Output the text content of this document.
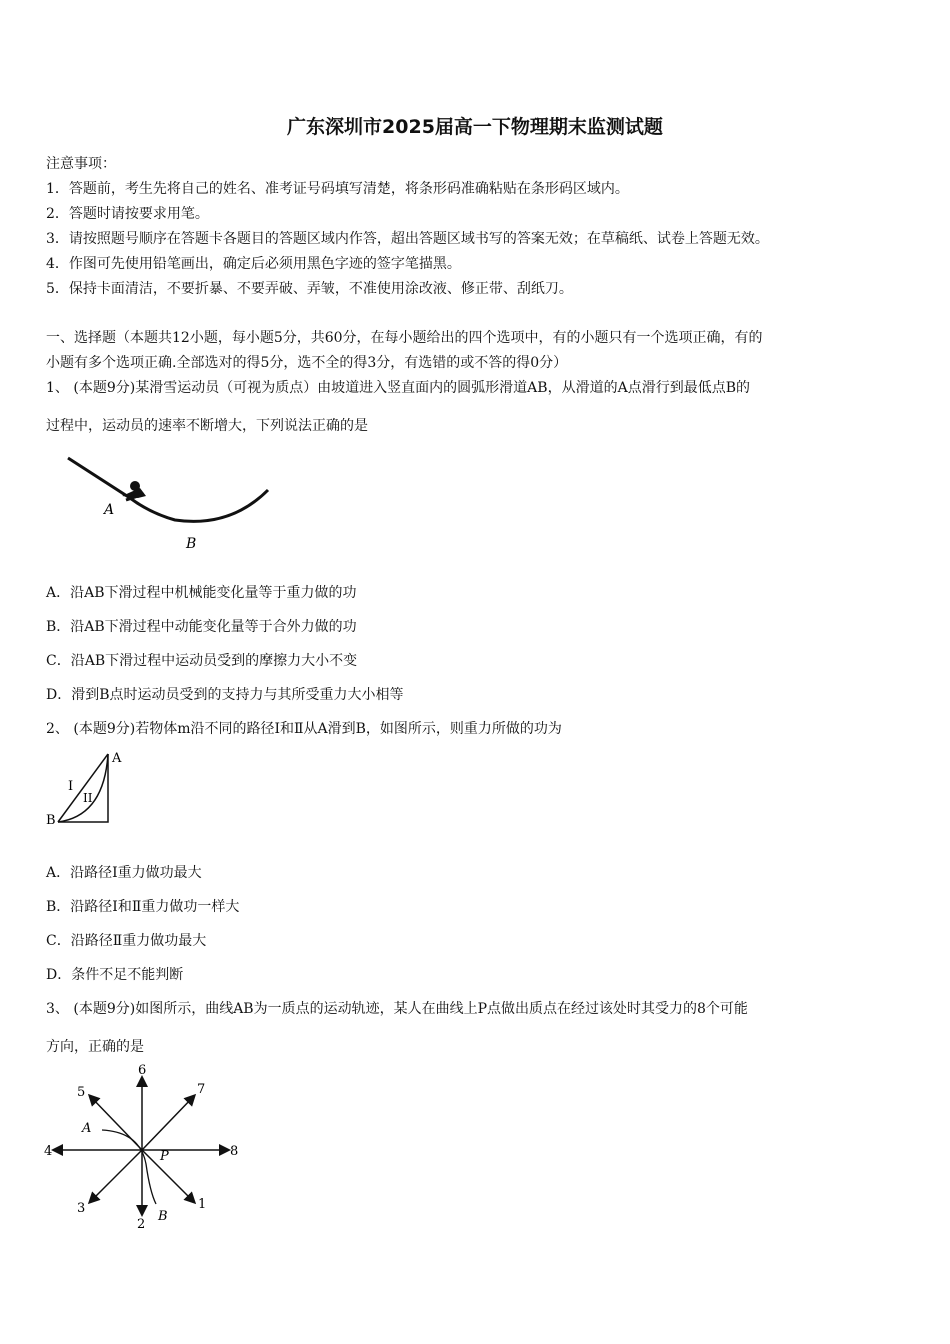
广东深圳市2025届高一下物理期末监测试题
注意事项：
1．答题前，考生先将自己的姓名、准考证号码填写清楚，将条形码准确粘贴在条形码区域内。
2．答题时请按要求用笔。
3．请按照题号顺序在答题卡各题目的答题区域内作答，超出答题区域书写的答案无效；在草稿纸、试卷上答题无效。
4．作图可先使用铅笔画出，确定后必须用黑色字迹的签字笔描黑。
5．保持卡面清洁，不要折暴、不要弄破、弄皱，不准使用涂改液、修正带、刮纸刀。
一、选择题（本题共12小题，每小题5分，共60分，在每小题给出的四个选项中，有的小题只有一个选项正确，有的
小题有多个选项正确.全部选对的得5分，选不全的得3分，有选错的或不答的得0分）
1、 (本题9分)某滑雪运动员（可视为质点）由坡道进入竖直面内的圆弧形滑道AB，从滑道的A点滑行到最低点B的
过程中，运动员的速率不断增大，下列说法正确的是
A
B
A．沿AB下滑过程中机械能变化量等于重力做的功
B．沿AB下滑过程中动能变化量等于合外力做的功
C．沿AB下滑过程中运动员受到的摩擦力大小不变
D．滑到B点时运动员受到的支持力与其所受重力大小相等
2、 (本题9分)若物体m沿不同的路径Ⅰ和Ⅱ从A滑到B，如图所示，则重力所做的功为
A
B
I
II
A．沿路径Ⅰ重力做功最大
B．沿路径Ⅰ和Ⅱ重力做功一样大
C．沿路径Ⅱ重力做功最大
D．条件不足不能判断
3、 (本题9分)如图所示，曲线AB为一质点的运动轨迹，某人在曲线上P点做出质点在经过该处时其受力的8个可能
方向，正确的是
6
7
5
4	8
3	1
2
A
B
P
